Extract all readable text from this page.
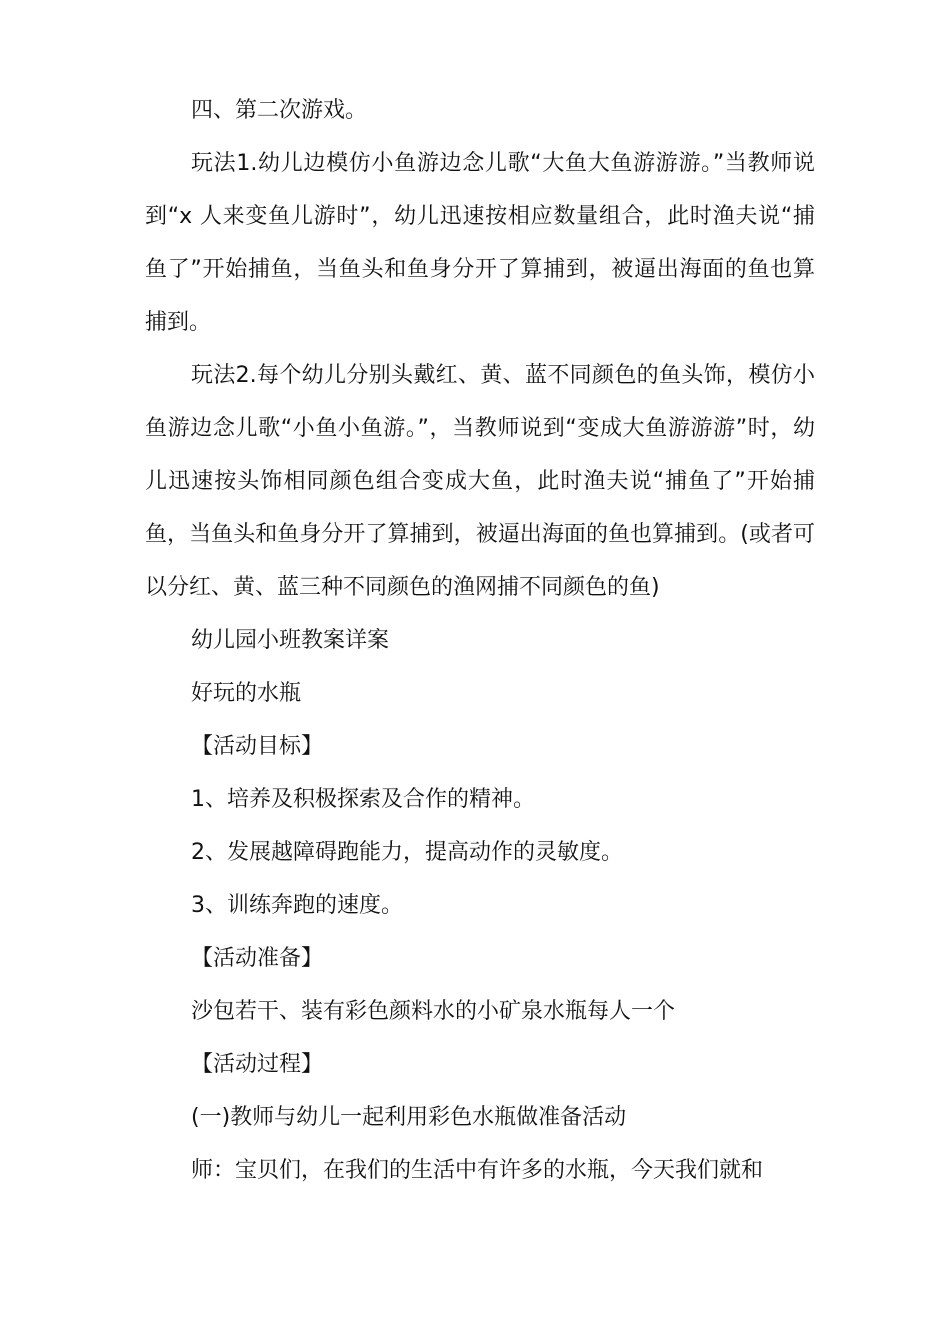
四、第二次游戏。

玩法1.幼儿边模仿小鱼游边念儿歌“大鱼大鱼游游游。”当教师说到“x 人来变鱼儿游时”，幼儿迅速按相应数量组合，此时渔夫说“捕鱼了”开始捕鱼，当鱼头和鱼身分开了算捕到，被逼出海面的鱼也算捕到。

玩法2.每个幼儿分别头戴红、黄、蓝不同颜色的鱼头饰，模仿小鱼游边念儿歌“小鱼小鱼游。”，当教师说到“变成大鱼游游游”时，幼儿迅速按头饰相同颜色组合变成大鱼，此时渔夫说“捕鱼了”开始捕鱼，当鱼头和鱼身分开了算捕到，被逼出海面的鱼也算捕到。(或者可以分红、黄、蓝三种不同颜色的渔网捕不同颜色的鱼)

幼儿园小班教案详案

好玩的水瓶

【活动目标】

1、培养及积极探索及合作的精神。

2、发展越障碍跑能力，提高动作的灵敏度。

3、训练奔跑的速度。

【活动准备】

沙包若干、装有彩色颜料水的小矿泉水瓶每人一个

【活动过程】

(一)教师与幼儿一起利用彩色水瓶做准备活动

师：宝贝们，在我们的生活中有许多的水瓶，今天我们就和
